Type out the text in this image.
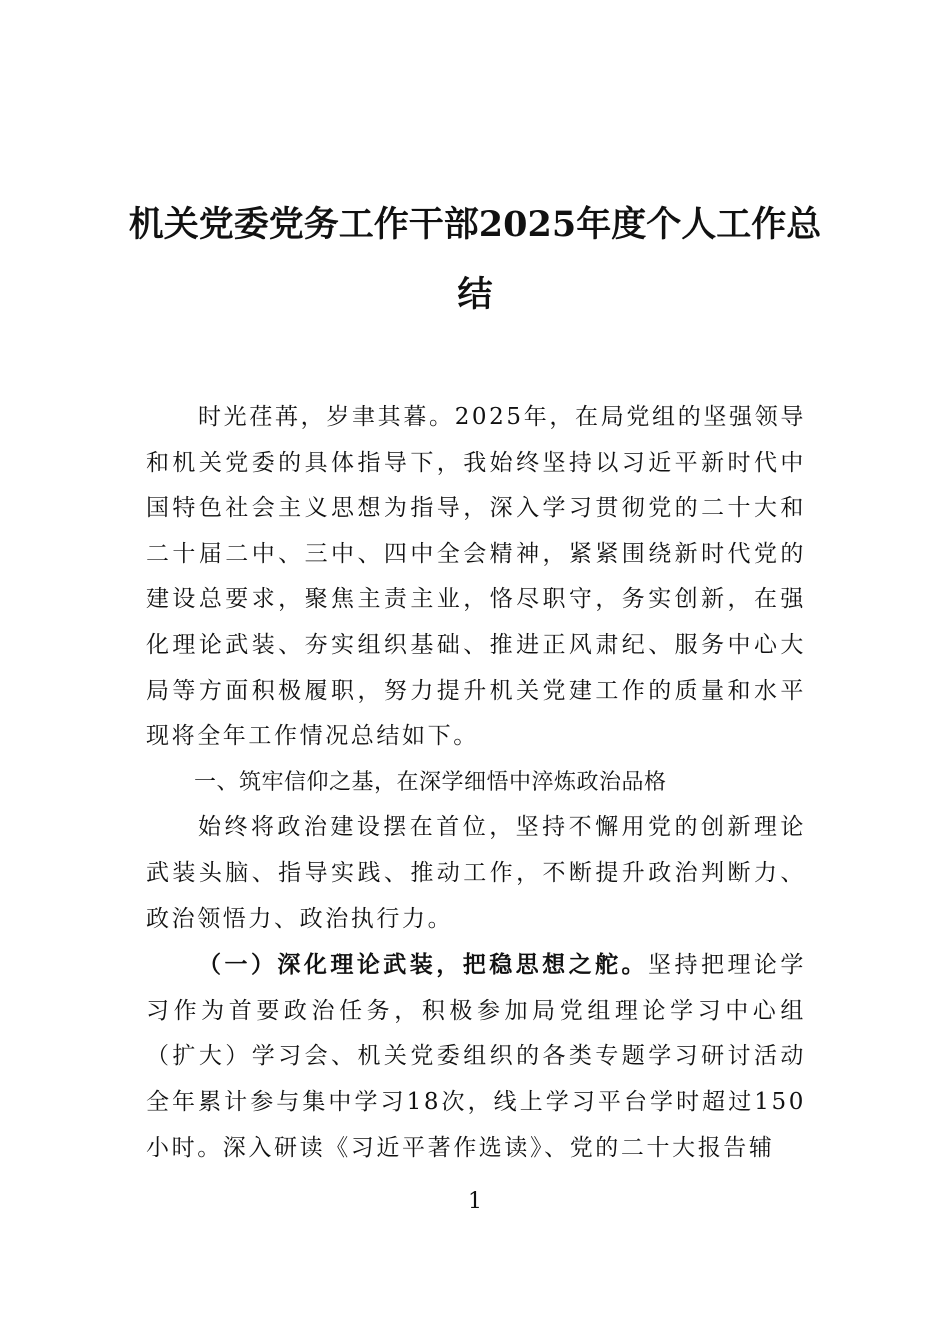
机关党委党务工作干部2025年度个人工作总结

时光荏苒，岁聿其暮。2025年，在局党组的坚强领导和机关党委的具体指导下，我始终坚持以习近平新时代中国特色社会主义思想为指导，深入学习贯彻党的二十大和二十届二中、三中、四中全会精神，紧紧围绕新时代党的建设总要求，聚焦主责主业，恪尽职守，务实创新，在强化理论武装、夯实组织基础、推进正风肃纪、服务中心大局等方面积极履职，努力提升机关党建工作的质量和水平现将全年工作情况总结如下。

一、筑牢信仰之基，在深学细悟中淬炼政治品格

始终将政治建设摆在首位，坚持不懈用党的创新理论武装头脑、指导实践、推动工作，不断提升政治判断力、政治领悟力、政治执行力。

（一）深化理论武装，把稳思想之舵。坚持把理论学习作为首要政治任务，积极参加局党组理论学习中心组（扩大）学习会、机关党委组织的各类专题学习研讨活动全年累计参与集中学习18次，线上学习平台学时超过150小时。深入研读《习近平著作选读》、党的二十大报告辅

1
